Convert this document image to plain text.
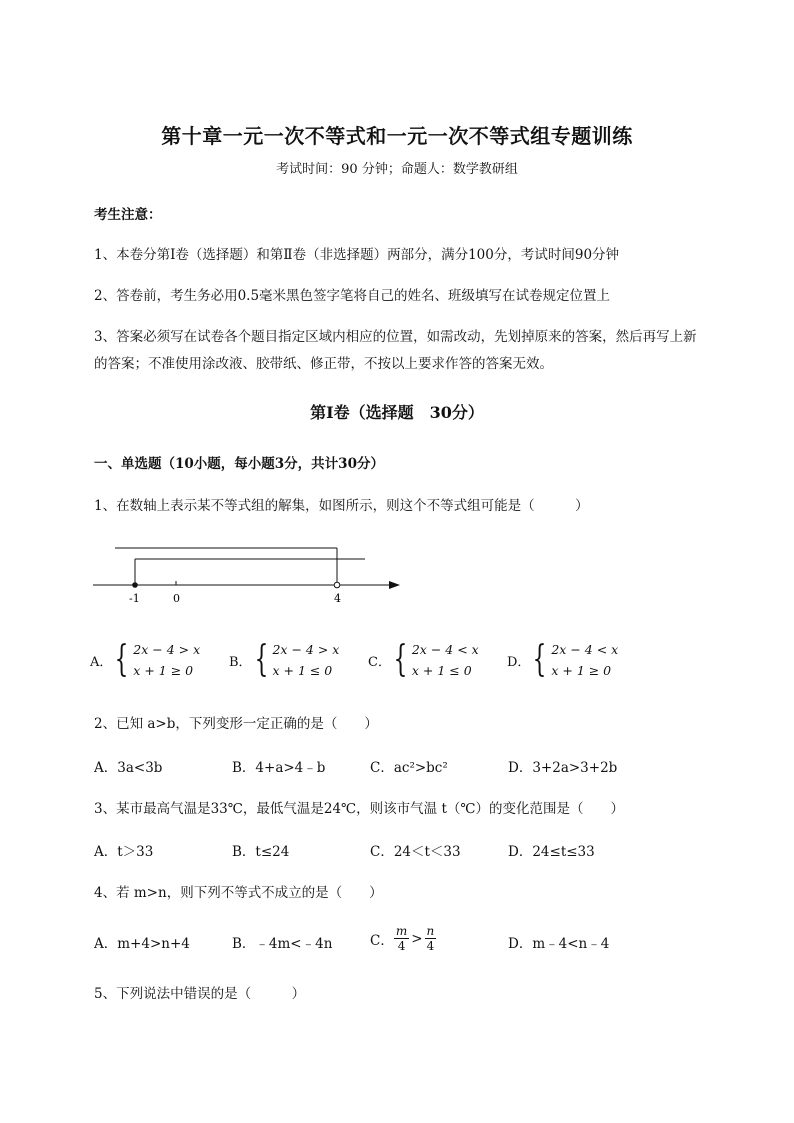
第十章一元一次不等式和一元一次不等式组专题训练
考试时间：90 分钟；命题人：数学教研组
考生注意：
1、本卷分第Ⅰ卷（选择题）和第Ⅱ卷（非选择题）两部分，满分100分，考试时间90分钟
2、答卷前，考生务必用0.5毫米黑色签字笔将自己的姓名、班级填写在试卷规定位置上
3、答案必须写在试卷各个题目指定区域内相应的位置，如需改动，先划掉原来的答案，然后再写上新
的答案；不准使用涂改液、胶带纸、修正带，不按以上要求作答的答案无效。
第Ⅰ卷（选择题　30分）
一、单选题（10小题，每小题3分，共计30分）
1、在数轴上表示某不等式组的解集，如图所示，则这个不等式组可能是（　　　）
-1	0	4
A． { 2x − 4 > x
x + 1 ≥ 0
B． { 2x − 4 > x
x + 1 ≤ 0
C． { 2x − 4 < x
x + 1 ≤ 0
D． { 2x − 4 < x
x + 1 ≥ 0
2、已知 a>b，下列变形一定正确的是（　　）
A．3a<3b	B．4+a>4﹣b	C．ac²>bc²	D．3+2a>3+2b
3、某市最高气温是33℃，最低气温是24℃，则该市气温 t（℃）的变化范围是（　　）
A．t＞33	B．t≤24	C．24＜t＜33	D．24≤t≤33
4、若 m>n，则下列不等式不成立的是（　　）
A．m+4>n+4	B．﹣4m<﹣4n	C． $\frac{m}{4} > \frac{n}{4}$	D．m﹣4<n﹣4
5、下列说法中错误的是（　　　）
